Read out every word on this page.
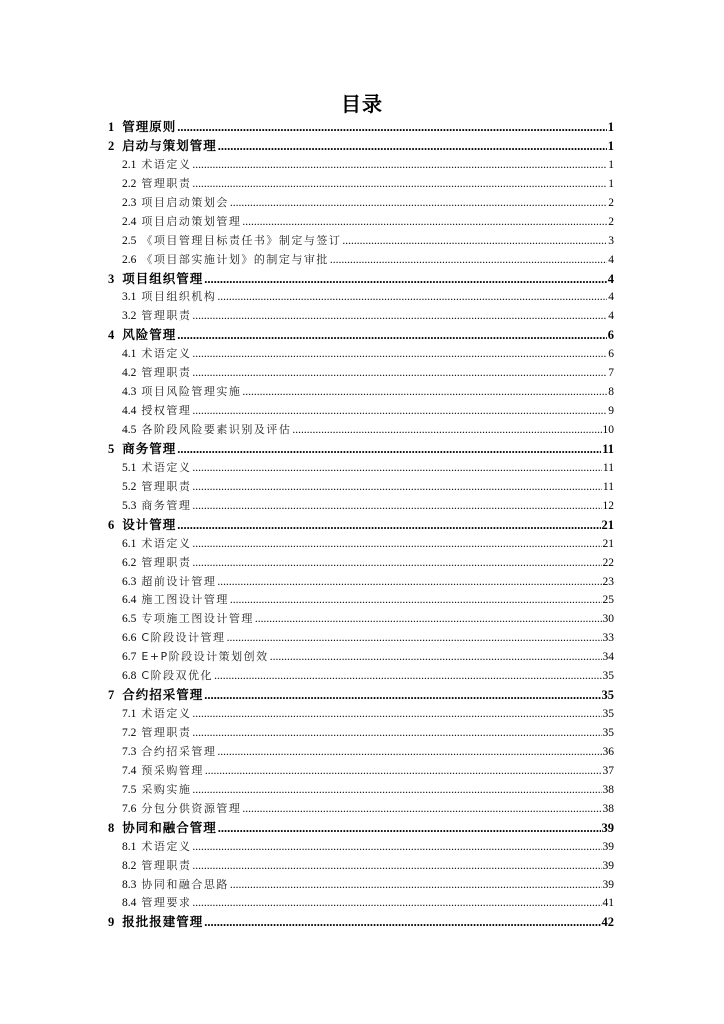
目录
1 管理原则 .....	1
2 启动与策划管理 .....	1
2.1 术语定义 .....	1
2.2 管理职责 .....	1
2.3 项目启动策划会 .....	2
2.4 项目启动策划管理 .....	2
2.5 《项目管理目标责任书》制定与签订 .....	3
2.6 《项目部实施计划》的制定与审批 .....	4
3 项目组织管理 .....	4
3.1 项目组织机构 .....	4
3.2 管理职责 .....	4
4 风险管理 .....	6
4.1 术语定义 .....	6
4.2 管理职责 .....	7
4.3 项目风险管理实施 .....	8
4.4 授权管理 .....	9
4.5 各阶段风险要素识别及评估 .....	10
5 商务管理 .....	11
5.1 术语定义 .....	11
5.2 管理职责 .....	11
5.3 商务管理 .....	12
6 设计管理 .....	21
6.1 术语定义 .....	21
6.2 管理职责 .....	22
6.3 超前设计管理 .....	23
6.4 施工图设计管理 .....	25
6.5 专项施工图设计管理 .....	30
6.6 C阶段设计管理 .....	33
6.7 E+P阶段设计策划创效 .....	34
6.8 C阶段双优化 .....	35
7 合约招采管理 .....	35
7.1 术语定义 .....	35
7.2 管理职责 .....	35
7.3 合约招采管理 .....	36
7.4 预采购管理 .....	37
7.5 采购实施 .....	38
7.6 分包分供资源管理 .....	38
8 协同和融合管理 .....	39
8.1 术语定义 .....	39
8.2 管理职责 .....	39
8.3 协同和融合思路 .....	39
8.4 管理要求 .....	41
9 报批报建管理 .....	42
